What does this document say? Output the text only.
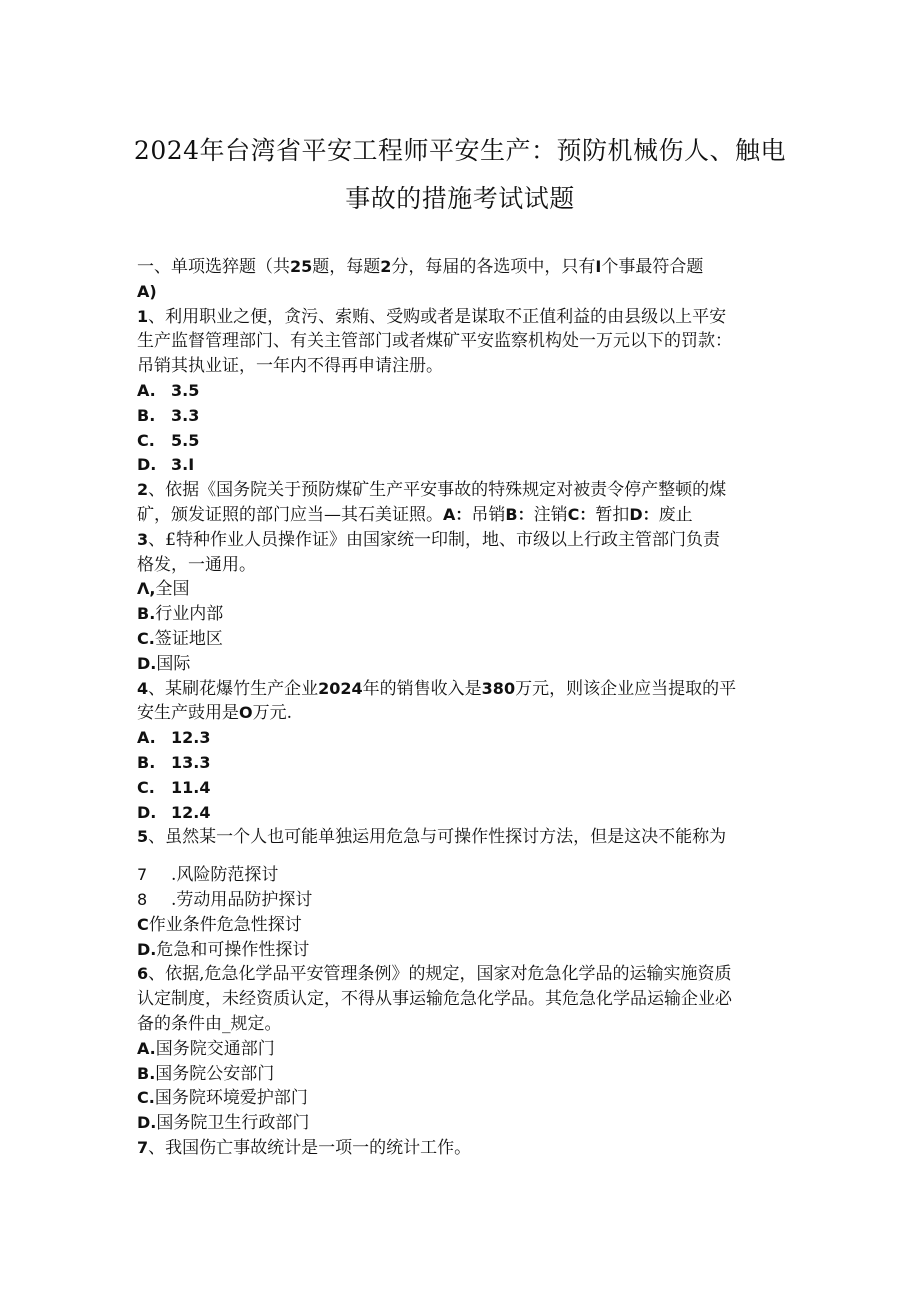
2024年台湾省平安工程师平安生产：预防机械伤人、触电
事故的措施考试试题
一、单项选猝题（共25题，每题2分，每届的各选项中，只有I个事最符合题
A)
1、利用职业之便，贪污、索贿、受购或者是谋取不正值利益的由县级以上平安
生产监督管理部门、有关主管部门或者煤矿平安监察机构处一万元以下的罚款：
吊销其执业证，一年内不得再申请注册。
A. 3.5
B. 3.3
C. 5.5
D. 3.I
2、依据《国务院关于预防煤矿生产平安事故的特殊规定对被责令停产整顿的煤
矿，颁发证照的部门应当—其石美证照。A：吊销B：注销C：暂扣D：废止
3、£特种作业人员操作证》由国家统一印制，地、市级以上行政主管部门负责
格发，一通用。
Λ,全国
B.行业内部
C.签证地区
D.国际
4、某刷花爆竹生产企业2024年的销售收入是380万元，则该企业应当提取的平
安生产豉用是O万元.
A. 12.3
B. 13.3
C. 11.4
D. 12.4
5、虽然某一个人也可能单独运用危急与可操作性探讨方法，但是这决不能称为
7 .风险防范探讨
8 .劳动用品防护探讨
C作业条件危急性探讨
D.危急和可操作性探讨
6、依据,危急化学品平安管理条例》的规定，国家对危急化学品的运输实施资质
认定制度，未经资质认定，不得从事运输危急化学品。其危急化学品运输企业必
备的条件由_规定。
A.国务院交通部门
B.国务院公安部门
C.国务院环境爱护部门
D.国务院卫生行政部门
7、我国伤亡事故统计是一项一的统计工作。
